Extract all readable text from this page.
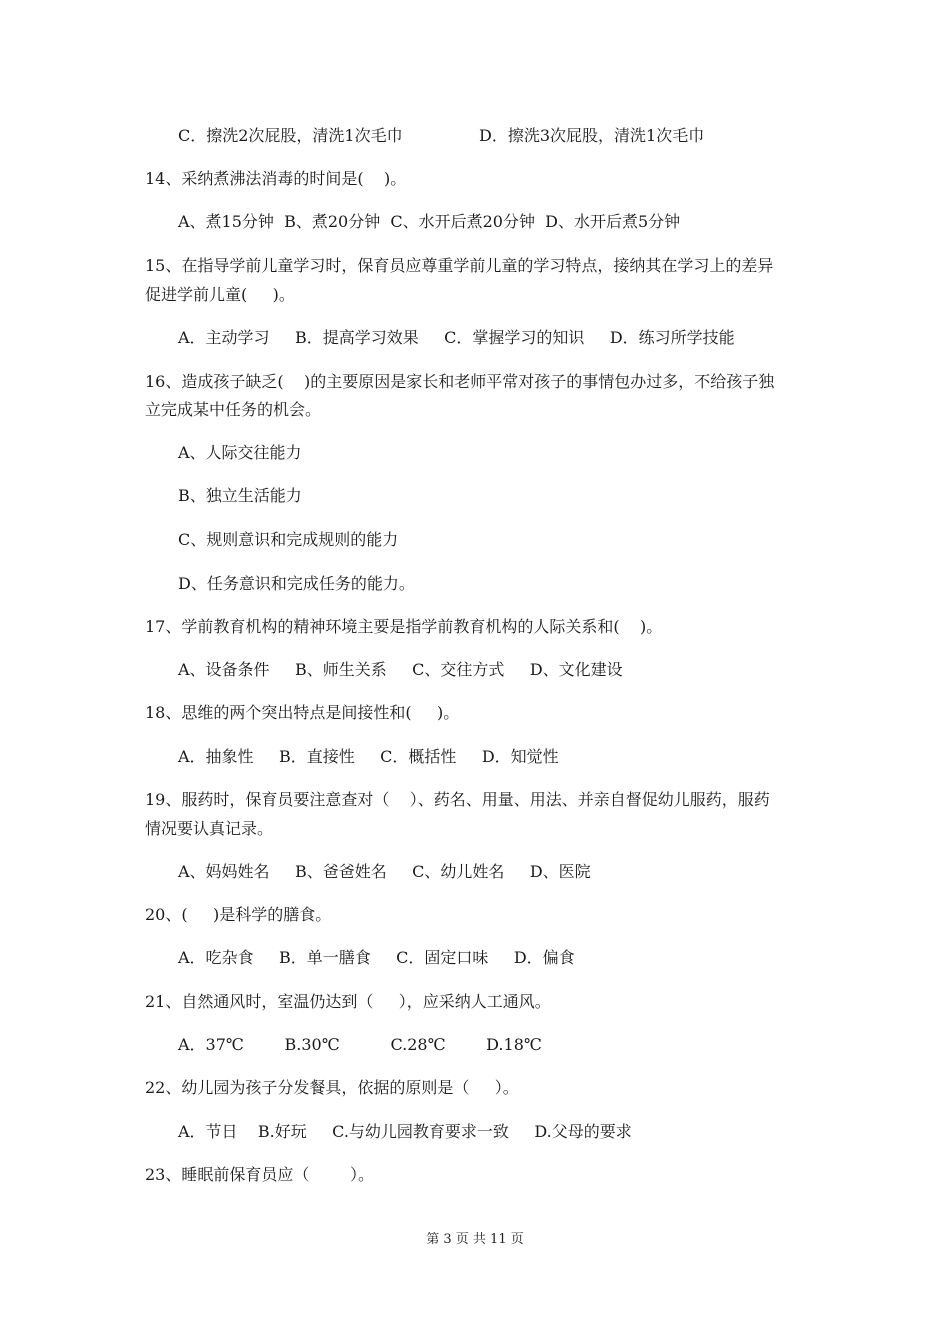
C．擦洗2次屁股，清洗1次毛巾	D．擦洗3次屁股，清洗1次毛巾
14、采纳煮沸法消毒的时间是(    )。
A、煮15分钟  B、煮20分钟  C、水开后煮20分钟  D、水开后煮5分钟
15、在指导学前儿童学习时，保育员应尊重学前儿童的学习特点，接纳其在学习上的差异
促进学前儿童(     )。
A．主动学习     B．提高学习效果     C．掌握学习的知识     D．练习所学技能
16、造成孩子缺乏(    )的主要原因是家长和老师平常对孩子的事情包办过多，不给孩子独
立完成某中任务的机会。
A、人际交往能力
B、独立生活能力
C、规则意识和完成规则的能力
D、任务意识和完成任务的能力。
17、学前教育机构的精神环境主要是指学前教育机构的人际关系和(    )。
A、设备条件     B、师生关系     C、交往方式     D、文化建设
18、思维的两个突出特点是间接性和(     )。
A．抽象性     B．直接性     C．概括性     D．知觉性
19、服药时，保育员要注意查对（    ）、药名、用量、用法、并亲自督促幼儿服药，服药
情况要认真记录。
A、妈妈姓名     B、爸爸姓名     C、幼儿姓名     D、医院
20、(     )是科学的膳食。
A．吃杂食     B．单一膳食     C．固定口味     D．偏食
21、自然通风时，室温仍达到（     ），应采纳人工通风。
A．37℃        B.30℃          C.28℃        D.18℃
22、幼儿园为孩子分发餐具，依据的原则是（     ）。
A．节日    B.好玩     C.与幼儿园教育要求一致     D.父母的要求
23、睡眠前保育员应（        ）。
第 3 页 共 11 页
